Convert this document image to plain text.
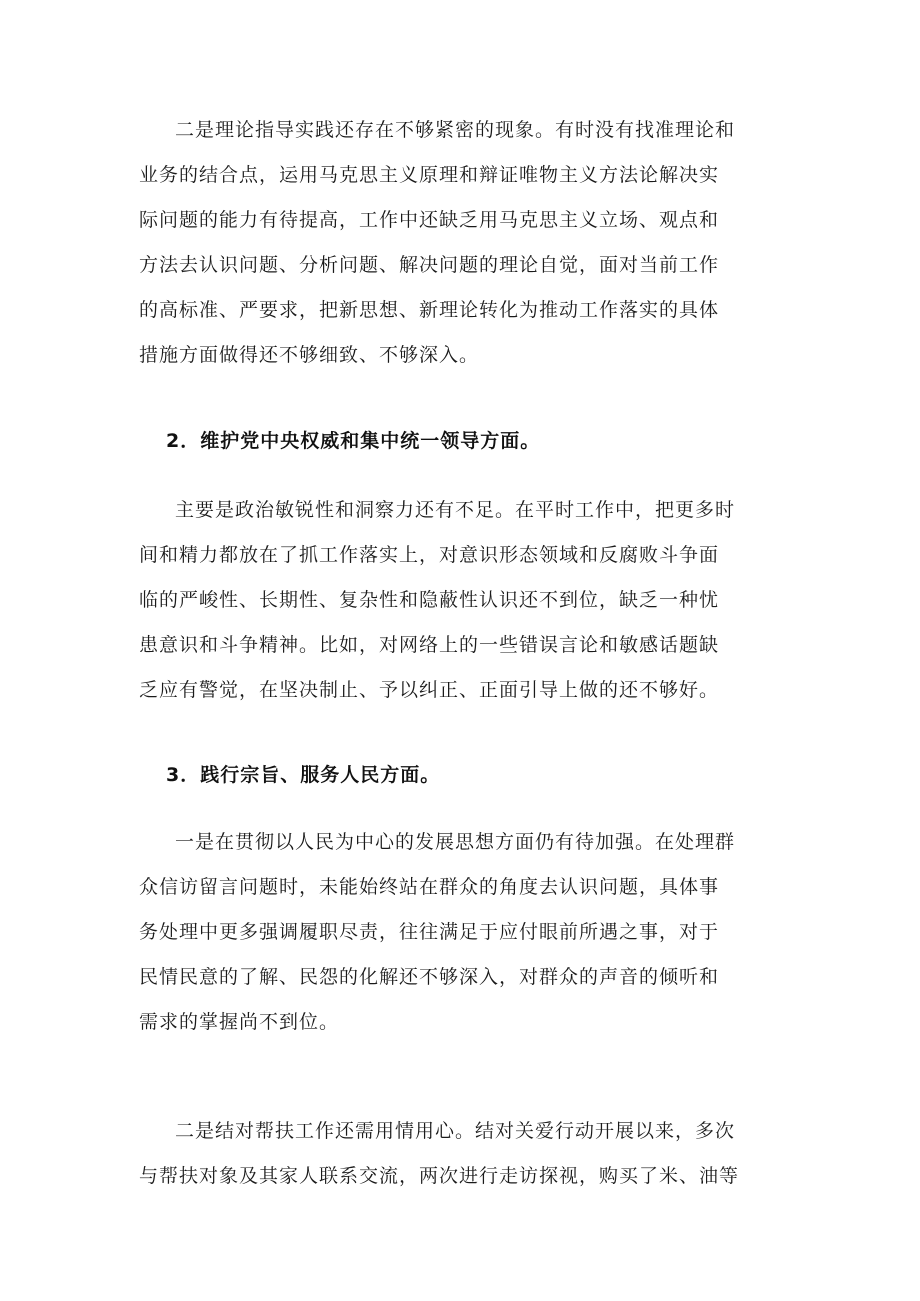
二是理论指导实践还存在不够紧密的现象。有时没有找准理论和
业务的结合点，运用马克思主义原理和辩证唯物主义方法论解决实
际问题的能力有待提高，工作中还缺乏用马克思主义立场、观点和
方法去认识问题、分析问题、解决问题的理论自觉，面对当前工作
的高标准、严要求，把新思想、新理论转化为推动工作落实的具体
措施方面做得还不够细致、不够深入。
2．维护党中央权威和集中统一领导方面。
主要是政治敏锐性和洞察力还有不足。在平时工作中，把更多时
间和精力都放在了抓工作落实上，对意识形态领域和反腐败斗争面
临的严峻性、长期性、复杂性和隐蔽性认识还不到位，缺乏一种忧
患意识和斗争精神。比如，对网络上的一些错误言论和敏感话题缺
乏应有警觉，在坚决制止、予以纠正、正面引导上做的还不够好。
3．践行宗旨、服务人民方面。
一是在贯彻以人民为中心的发展思想方面仍有待加强。在处理群
众信访留言问题时，未能始终站在群众的角度去认识问题，具体事
务处理中更多强调履职尽责，往往满足于应付眼前所遇之事，对于
民情民意的了解、民怨的化解还不够深入，对群众的声音的倾听和
需求的掌握尚不到位。
二是结对帮扶工作还需用情用心。结对关爱行动开展以来，多次
与帮扶对象及其家人联系交流，两次进行走访探视，购买了米、油等
